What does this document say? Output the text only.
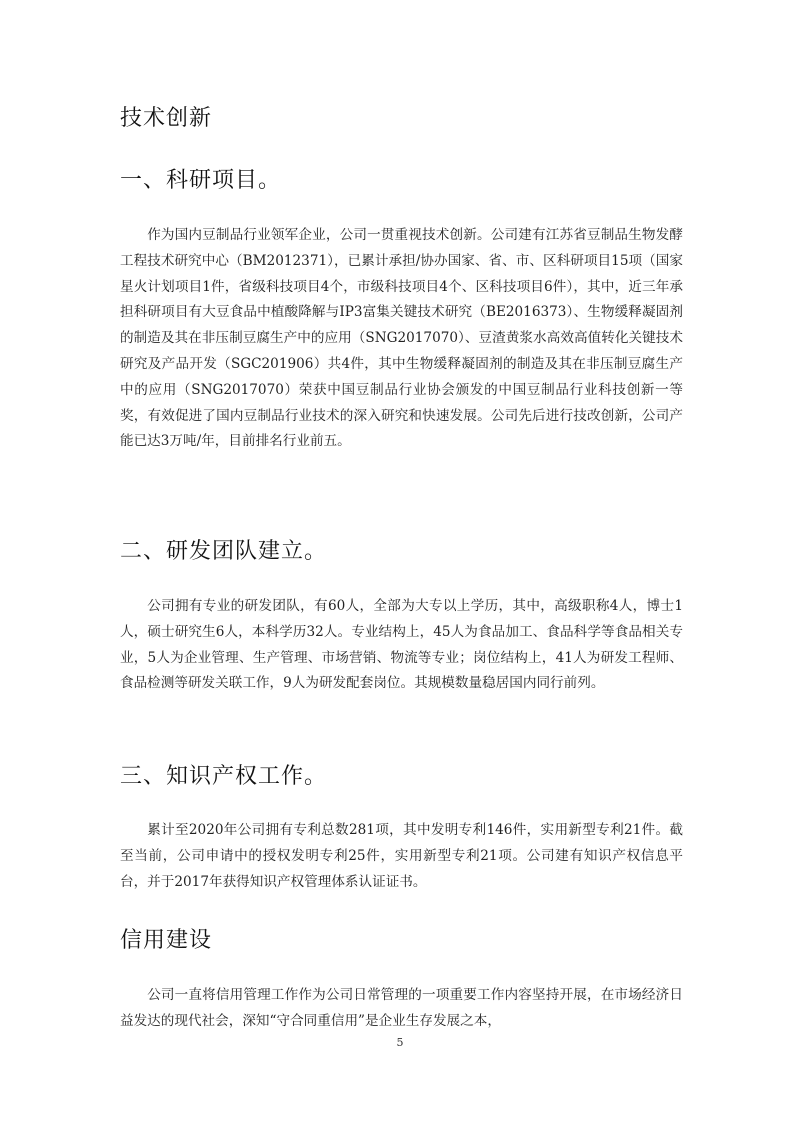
技术创新
一、科研项目。

作为国内豆制品行业领军企业，公司一贯重视技术创新。公司建有江苏省豆制品生物发酵工程技术研究中心（BM2012371），已累计承担/协办国家、省、市、区科研项目15项（国家星火计划项目1件，省级科技项目4个，市级科技项目4个、区科技项目6件），其中，近三年承担科研项目有大豆食品中植酸降解与IP3富集关键技术研究（BE2016373）、生物缓释凝固剂的制造及其在非压制豆腐生产中的应用（SNG2017070）、豆渣黄浆水高效高值转化关键技术研究及产品开发（SGC201906）共4件，其中生物缓释凝固剂的制造及其在非压制豆腐生产中的应用（SNG2017070）荣获中国豆制品行业协会颁发的中国豆制品行业科技创新一等奖，有效促进了国内豆制品行业技术的深入研究和快速发展。公司先后进行技改创新，公司产能已达3万吨/年，目前排名行业前五。

二、研发团队建立。

公司拥有专业的研发团队，有60人，全部为大专以上学历，其中，高级职称4人，博士1人，硕士研究生6人，本科学历32人。专业结构上，45人为食品加工、食品科学等食品相关专业，5人为企业管理、生产管理、市场营销、物流等专业；岗位结构上，41人为研发工程师、食品检测等研发关联工作，9人为研发配套岗位。其规模数量稳居国内同行前列。

三、知识产权工作。

累计至2020年公司拥有专利总数281项，其中发明专利146件，实用新型专利21件。截至当前，公司申请中的授权发明专利25件，实用新型专利21项。公司建有知识产权信息平台，并于2017年获得知识产权管理体系认证证书。

信用建设

公司一直将信用管理工作作为公司日常管理的一项重要工作内容坚持开展，在市场经济日益发达的现代社会，深知“守合同重信用”是企业生存发展之本，

5
